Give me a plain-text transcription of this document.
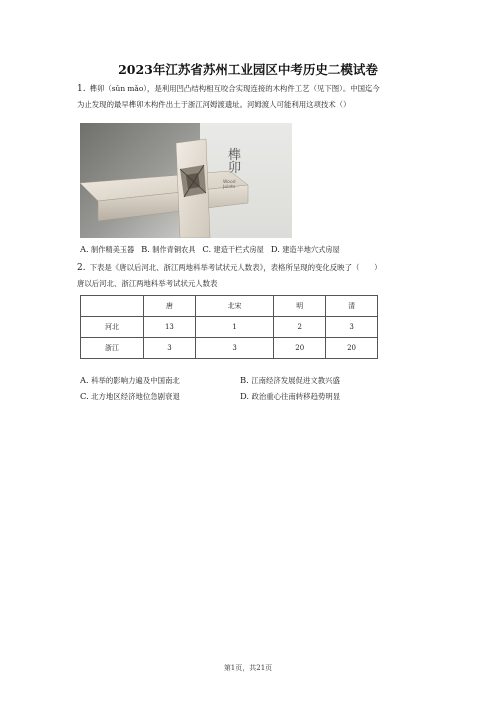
2023年江苏省苏州工业园区中考历史二模试卷
1. 榫卯（sǔn mǎo），是利用凹凸结构相互咬合实现连接的木构件工艺（见下图）。中国迄今
为止发现的最早榫卯木构件出土于浙江河姆渡遗址。河姆渡人可能利用这项技术（）
榫卯
Wood
Joints
A. 制作精美玉器 B. 制作青铜农具 C. 建造干栏式房屋 D. 建造半地穴式房屋
2. 下表是《唐以后河北、浙江两地科举考试状元人数表》，表格所呈现的变化反映了（　　）
唐以后河北、浙江两地科举考试状元人数表
	唐	北宋	明	清
河北	13	1	2	3
浙江	3	3	20	20
A. 科举的影响力遍及中国南北	B. 江南经济发展促进文教兴盛
C. 北方地区经济地位急剧衰退	D. 政治重心往南转移趋势明显
第1页，共21页
